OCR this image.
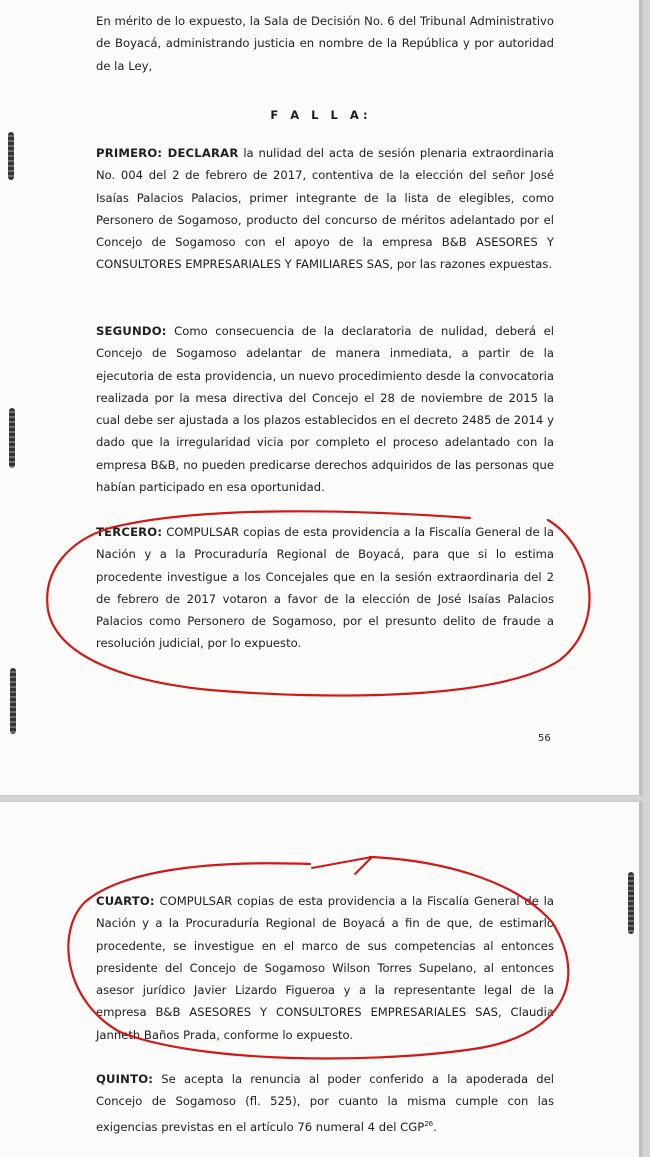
En mérito de lo expuesto, la Sala de Decisión No. 6 del Tribunal Administrativo de Boyacá, administrando justicia en nombre de la República y por autoridad de la Ley,

F A L L A:

PRIMERO: DECLARAR la nulidad del acta de sesión plenaria extraordinaria No. 004 del 2 de febrero de 2017, contentiva de la elección del señor José Isaías Palacios Palacios, primer integrante de la lista de elegibles, como Personero de Sogamoso, producto del concurso de méritos adelantado por el Concejo de Sogamoso con el apoyo de la empresa B&B ASESORES Y CONSULTORES EMPRESARIALES Y FAMILIARES SAS, por las razones expuestas.

SEGUNDO: Como consecuencia de la declaratoria de nulidad, deberá el Concejo de Sogamoso adelantar de manera inmediata, a partir de la ejecutoria de esta providencia, un nuevo procedimiento desde la convocatoria realizada por la mesa directiva del Concejo el 28 de noviembre de 2015 la cual debe ser ajustada a los plazos establecidos en el decreto 2485 de 2014 y dado que la irregularidad vicia por completo el proceso adelantado con la empresa B&B, no pueden predicarse derechos adquiridos de las personas que habían participado en esa oportunidad.

TERCERO: COMPULSAR copias de esta providencia a la Fiscalía General de la Nación y a la Procuraduría Regional de Boyacá, para que si lo estima procedente investigue a los Concejales que en la sesión extraordinaria del 2 de febrero de 2017 votaron a favor de la elección de José Isaías Palacios Palacios como Personero de Sogamoso, por el presunto delito de fraude a resolución judicial, por lo expuesto.

56

CUARTO: COMPULSAR copias de esta providencia a la Fiscalía General de la Nación y a la Procuraduría Regional de Boyacá a fin de que, de estimarlo procedente, se investigue en el marco de sus competencias al entonces presidente del Concejo de Sogamoso Wilson Torres Supelano, al entonces asesor jurídico Javier Lizardo Figueroa y a la representante legal de la empresa B&B ASESORES Y CONSULTORES EMPRESARIALES SAS, Claudia Janneth Baños Prada, conforme lo expuesto.

QUINTO: Se acepta la renuncia al poder conferido a la apoderada del Concejo de Sogamoso (fl. 525), por cuanto la misma cumple con las exigencias previstas en el artículo 76 numeral 4 del CGP$^{26}$.
